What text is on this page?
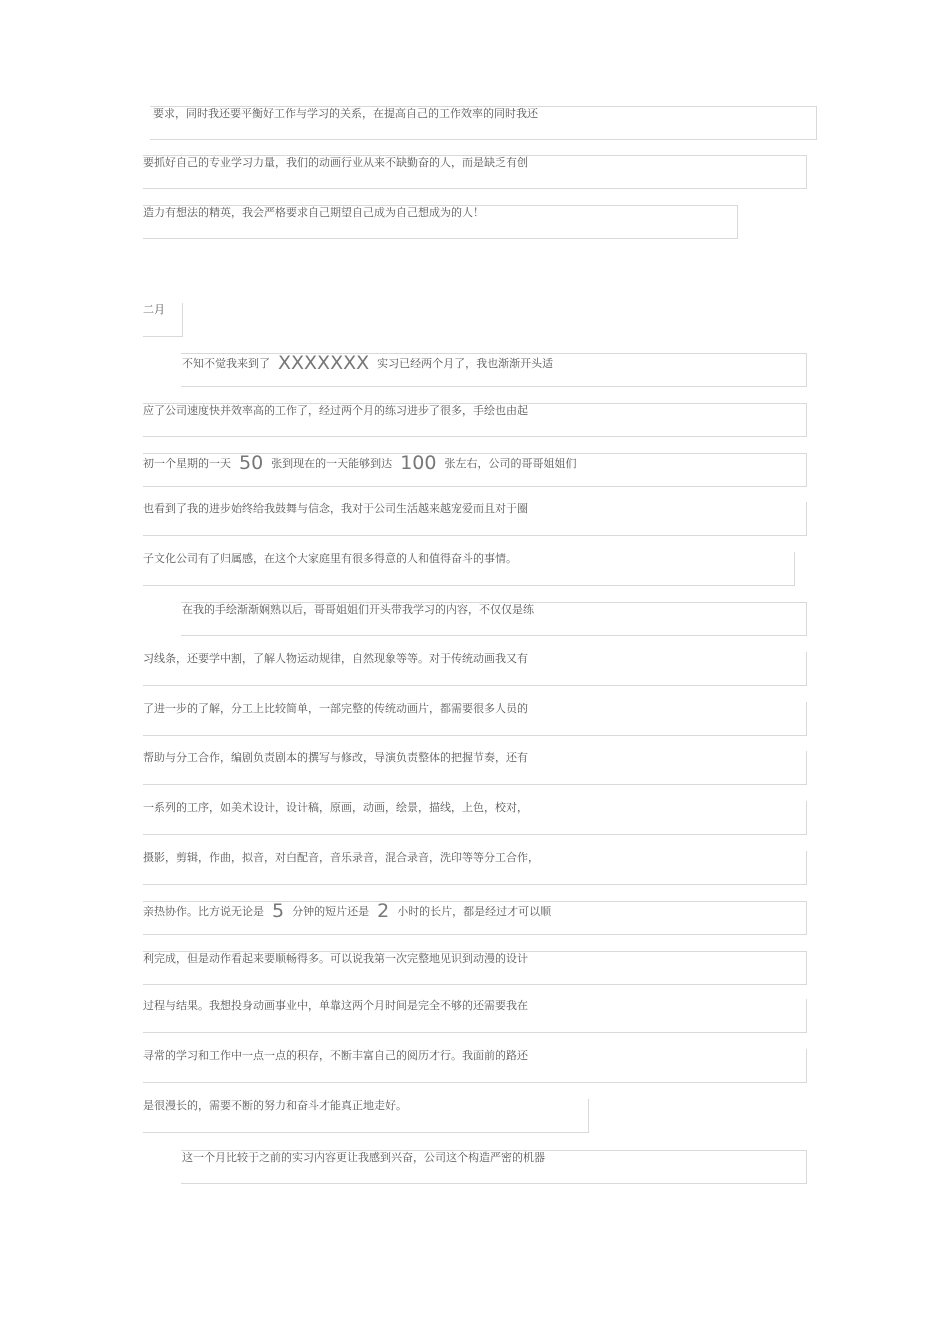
要求，同时我还要平衡好工作与学习的关系，在提高自己的工作效率的同时我还
要抓好自己的专业学习力量，我们的动画行业从来不缺勤奋的人，而是缺乏有创
造力有想法的精英，我会严格要求自己期望自己成为自己想成为的人！
二月
不知不觉我来到了 XXXXXXX 实习已经两个月了，我也渐渐开头适
应了公司速度快并效率高的工作了，经过两个月的练习进步了很多，手绘也由起
初一个星期的一天 50 张到现在的一天能够到达 100 张左右，公司的哥哥姐姐们
也看到了我的进步始终给我鼓舞与信念，我对于公司生活越来越宠爱而且对于圈
子文化公司有了归属感，在这个大家庭里有很多得意的人和值得奋斗的事情。
在我的手绘渐渐娴熟以后，哥哥姐姐们开头带我学习的内容，不仅仅是练
习线条，还要学中割，了解人物运动规律，自然现象等等。对于传统动画我又有
了进一步的了解，分工上比较简单，一部完整的传统动画片，都需要很多人员的
帮助与分工合作，编剧负责剧本的撰写与修改，导演负责整体的把握节奏，还有
一系列的工序，如美术设计，设计稿，原画，动画，绘景，描线，上色，校对，
摄影，剪辑，作曲，拟音，对白配音，音乐录音，混合录音，洗印等等分工合作，
亲热协作。比方说无论是 5 分钟的短片还是 2 小时的长片，都是经过才可以顺
利完成，但是动作看起来要顺畅得多。可以说我第一次完整地见识到动漫的设计
过程与结果。我想投身动画事业中，单靠这两个月时间是完全不够的还需要我在
寻常的学习和工作中一点一点的积存，不断丰富自己的阅历才行。我面前的路还
是很漫长的，需要不断的努力和奋斗才能真正地走好。
这一个月比较于之前的实习内容更让我感到兴奋，公司这个构造严密的机器
